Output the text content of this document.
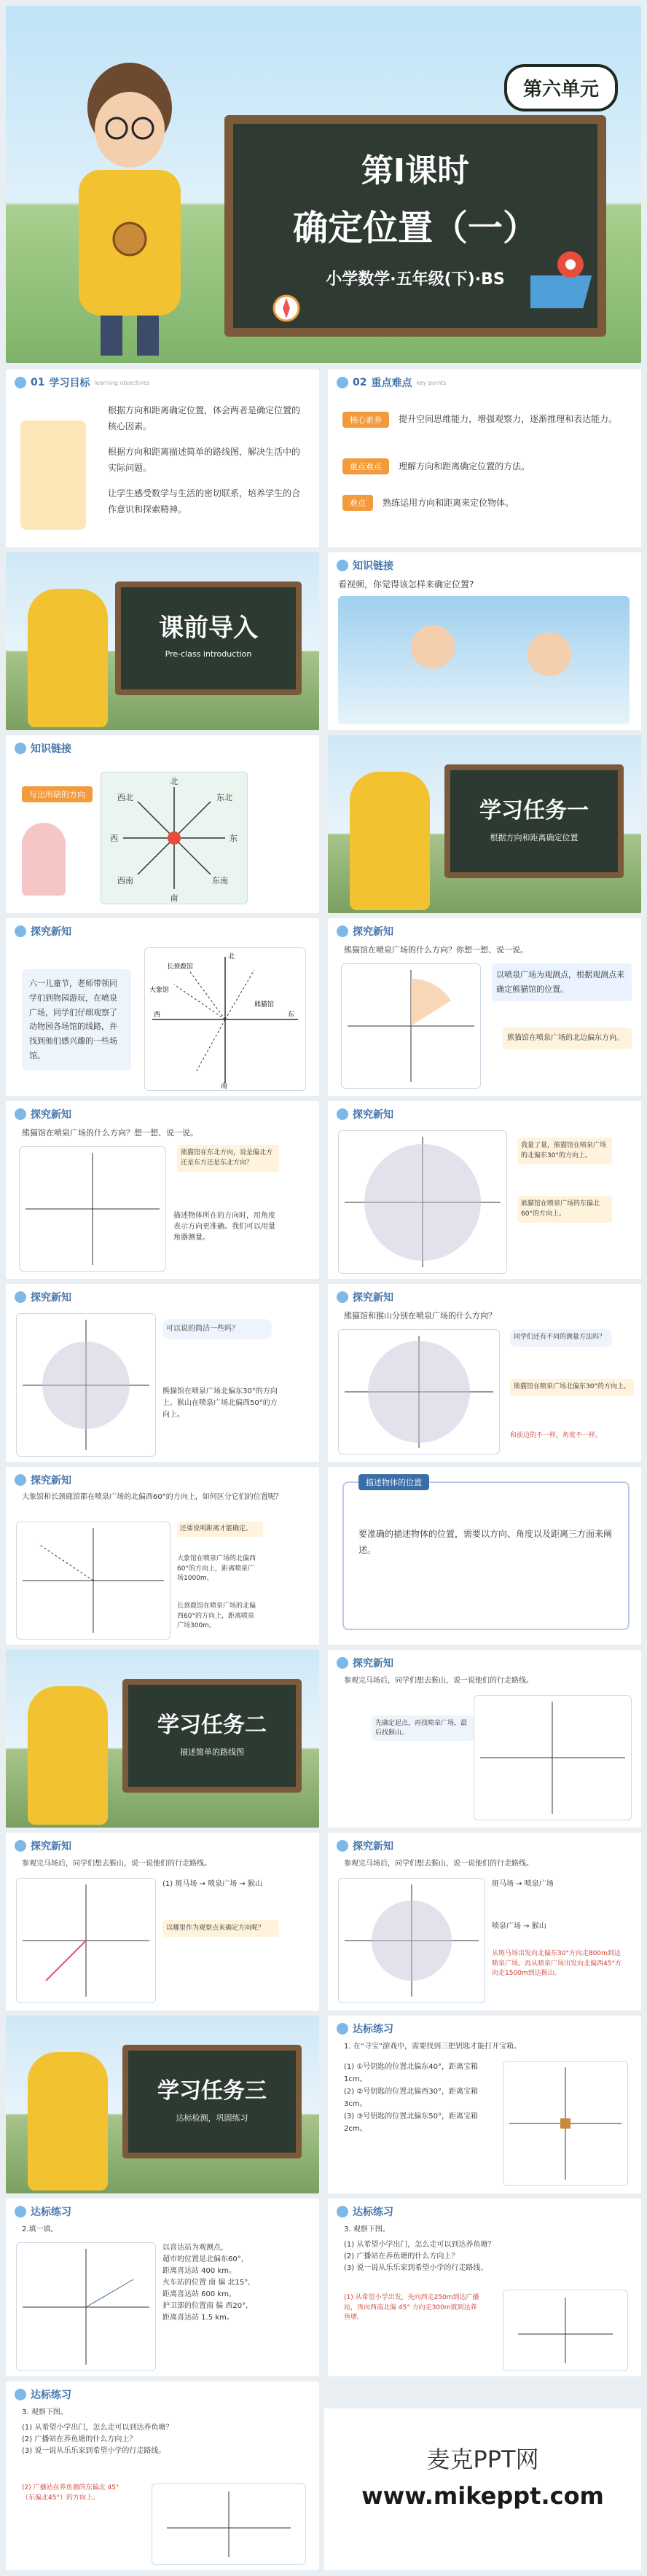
第Ⅰ课时
确定位置（一）
小学数学·五年级(下)·BS
第六单元
01 学习目标 learning objectives
根据方向和距离确定位置，体会两者是确定位置的核心因素。
根据方向和距离描述简单的路线图，解决生活中的实际问题。
让学生感受数学与生活的密切联系，培养学生的合作意识和探索精神。
02 重点难点 key points
核心素养 提升空间思维能力，增强观察力，逐渐推理和表达能力。
重点难点 理解方向和距离确定位置的方法。
难点 熟练运用方向和距离来定位物体。
课前导入
Pre-class introduction
知识链接
看视频，你觉得该怎样来确定位置?
知识链接
写出所缺的方向
北
东北
东
东南
南
西南
西
西北
学习任务一
根据方向和距离确定位置
探究新知
六一儿童节，老师带领同学们到物园游玩，在喷泉广场，同学们仔细观察了动物园各场馆的线路，并找到他们感兴趣的一些场馆。
长颈鹿馆
大象馆
熊猫馆
东
南
西
北
探究新知
熊猫馆在喷泉广场的什么方向？你想一想、说一说。
以喷泉广场为观测点，根据观测点来确定熊猫馆的位置。
熊猫馆在喷泉广场的北边偏东方向。
探究新知
熊猫馆在喷泉广场的什么方向？想一想、说一说。
熊猫馆在东北方向，说是偏北方还是东方还是东北方向？
描述物体所在的方向时，用角度表示方向更准确。我们可以用量角器测量。
探究新知
我量了量，熊猫馆在喷泉广场的北偏东30°的方向上。
熊猫馆在喷泉广场的东偏北60°的方向上。
探究新知
可以说的简洁一些吗？
熊猫馆在喷泉广场北偏东30°的方向上。猴山在喷泉广场北偏西50°的方向上。
探究新知
熊猫馆和猴山分别在喷泉广场的什么方向？
同学们还有不同的测量方法吗？
熊猫馆在喷泉广场北偏东30°的方向上。
和前边的不一样，角度不一样。
探究新知
大象馆和长颈鹿馆都在喷泉广场的北偏西60°的方向上，如何区分它们的位置呢？
还要说明距离才能确定。
大象馆在喷泉广场的北偏西60°的方向上，距离喷泉广场1000m。
长颈鹿馆在喷泉广场的北偏西60°的方向上，距离喷泉广场300m。
描述物体的位置
要准确的描述物体的位置，需要以方向、角度以及距离三方面来阐述。
学习任务二
描述简单的路线图
探究新知
参观完马场后，同学们想去猴山，说一说他们的行走路线。
先确定起点，再找喷泉广场，最后找猴山。
探究新知
参观完马场后，同学们想去猴山，说一说他们的行走路线。
(1) 斑马场 → 喷泉广场 → 猴山
以哪里作为观察点来确定方向呢？
探究新知
参观完马场后，同学们想去猴山，说一说他们的行走路线。
斑马场 → 喷泉广场
喷泉广场 → 猴山
从斑马场出发向北偏东30°方向走800m到达喷泉广场。再从喷泉广场出发向北偏西45°方向走1500m到达猴山。
学习任务三
达标检测，巩固练习
达标练习
1. 在“寻宝”游戏中，需要找到三把钥匙才能打开宝箱。
(1) ①号钥匙的位置北偏东40°，距离宝箱1cm。
(2) ②号钥匙的位置北偏西30°，距离宝箱3cm。
(3) ③号钥匙的位置北偏东50°，距离宝箱2cm。
达标练习
2.填一填。
以喜达站为观测点，
超市的位置是北偏东60°，
距离喜达站 400 km。
火车站的位置 南 偏 北15°,
距离喜达站 600 km。
护卫部的位置南 偏 西20°,
距离喜达站 1.5 km。
达标练习
3. 观察下图。
(1) 从希望小学出门，怎么走可以到达养鱼塘？
(2) 广播站在养鱼塘的什么方向上？
(3) 说一说从乐乐家到希望小学的行走路线。
(1) 从希望小学出发，先向西走250m到达广播站，再向西南北偏 45° 方向走300m就到达养鱼塘。
达标练习
3. 观察下图。
(1) 从希望小学出门，怎么走可以到达养鱼塘？
(2) 广播站在养鱼塘的什么方向上？
(3) 说一说从乐乐家到希望小学的行走路线。
(2) 广播站在养鱼塘的东偏北 45°（东偏北45°）的方向上。
麦克PPT网
www.mikeppt.com
